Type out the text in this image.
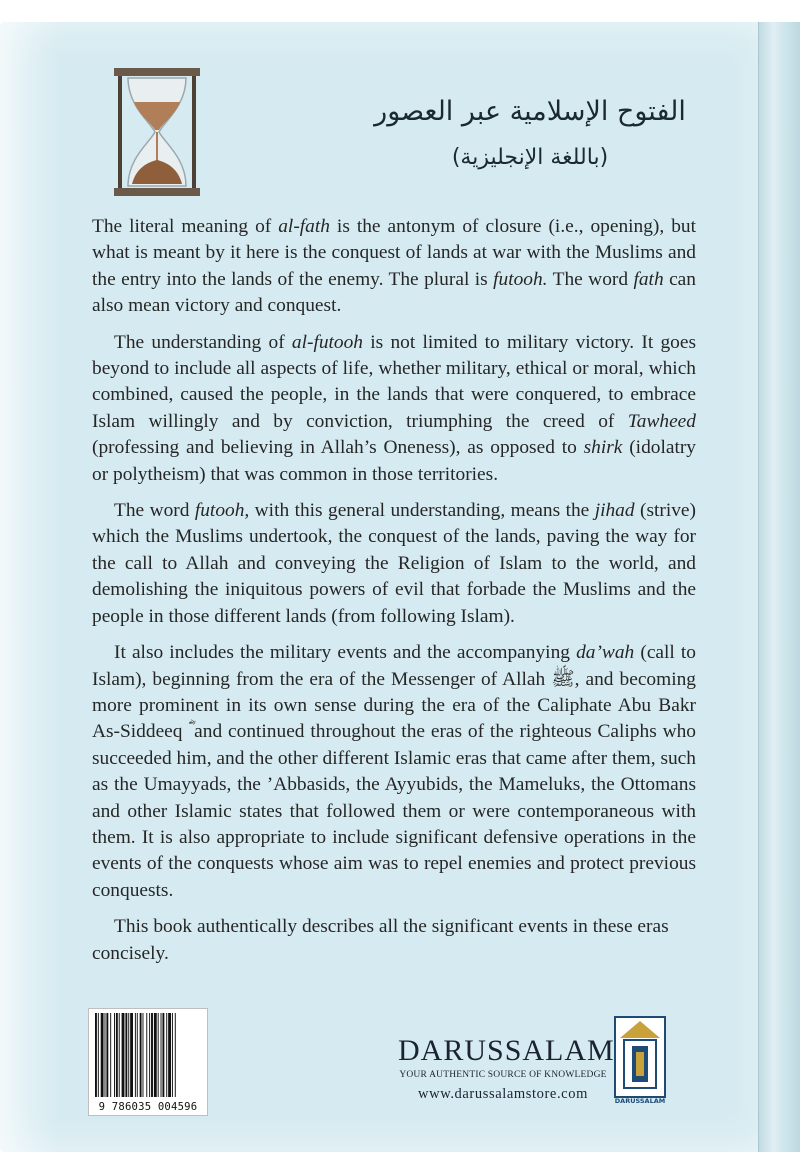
الفتوح الإسلامية عبر العصور
(باللغة الإنجليزية)

The literal meaning of al-fath is the antonym of closure (i.e., opening), but what is meant by it here is the conquest of lands at war with the Muslims and the entry into the lands of the enemy. The plural is futooh. The word fath can also mean victory and conquest.

The understanding of al-futooh is not limited to military victory. It goes beyond to include all aspects of life, whether military, ethical or moral, which combined, caused the people, in the lands that were conquered, to embrace Islam willingly and by conviction, triumphing the creed of Tawheed (professing and believing in Allah’s Oneness), as opposed to shirk (idolatry or polytheism) that was common in those territories.

The word futooh, with this general understanding, means the jihad (strive) which the Muslims undertook, the conquest of the lands, paving the way for the call to Allah and conveying the Religion of Islam to the world, and demolishing the iniquitous powers of evil that forbade the Muslims and the people in those different lands (from following Islam).

It also includes the military events and the accompanying da’wah (call to Islam), beginning from the era of the Messenger of Allah ﷺ, and becoming more prominent in its own sense during the era of the Caliphate Abu Bakr As-Siddeeq ؓ and continued throughout the eras of the righteous Caliphs who succeeded him, and the other different Islamic eras that came after them, such as the Umayyads, the ’Abbasids, the Ayyubids, the Mameluks, the Ottomans and other Islamic states that followed them or were contemporaneous with them. It is also appropriate to include significant defensive operations in the events of the conquests whose aim was to repel enemies and protect previous conquests.

This book authentically describes all the significant events in these eras concisely.

9 786035 004596
DARUSSALAM
YOUR AUTHENTIC SOURCE OF KNOWLEDGE
www.darussalamstore.com	DARUSSALAM
